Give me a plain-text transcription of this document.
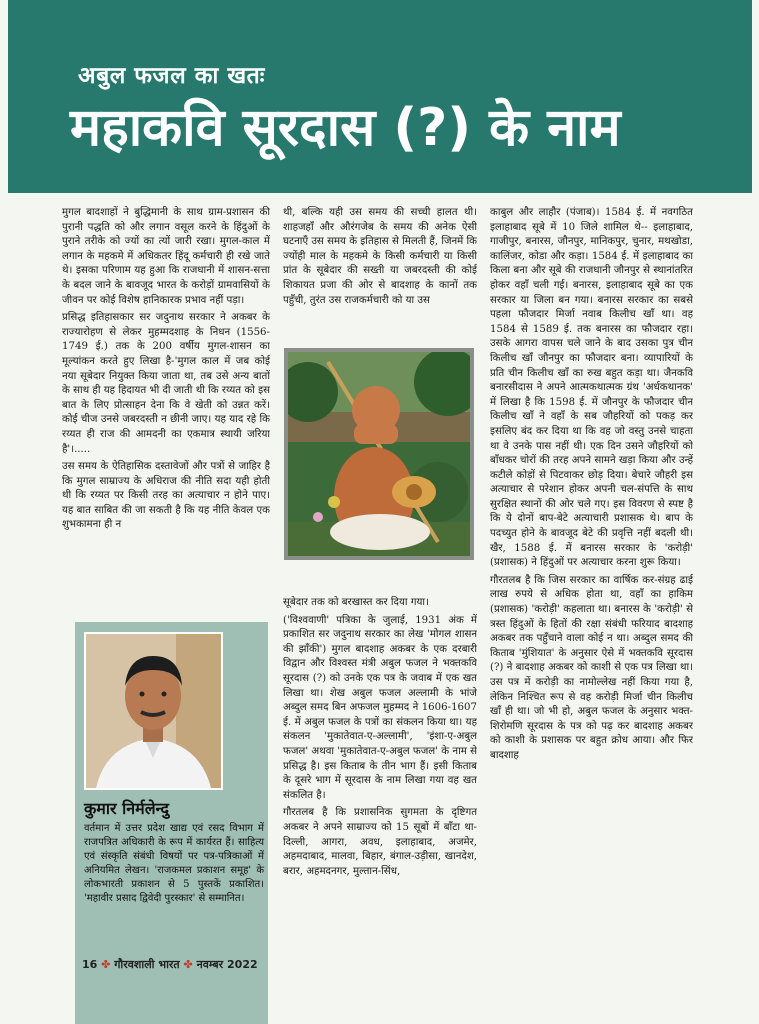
अबुल फजल का खतः
महाकवि सूरदास (?) के नाम

मुगल बादशाहों ने बुद्धिमानी के साथ ग्राम-प्रशासन की पुरानी पद्धति को और लगान वसूल करने के हिंदुओं के पुराने तरीके को ज्यों का त्यों जारी रखा। मुगल-काल में लगान के महकमे में अधिकतर हिंदू कर्मचारी ही रखे जाते थे। इसका परिणाम यह हुआ कि राजधानी में शासन-सत्ता के बदल जाने के बावजूद भारत के करोड़ों ग्रामवासियों के जीवन पर कोई विशेष हानिकारक प्रभाव नहीं पड़ा।

प्रसिद्ध इतिहासकार सर जदुनाथ सरकार ने अकबर के राज्यारोहण से लेकर मुहम्मदशाह के निधन (1556-1749 ई.) तक के 200 वर्षीय मुगल-शासन का मूल्यांकन करते हुए लिखा है-'मुगल काल में जब कोई नया सूबेदार नियुक्त किया जाता था, तब उसे अन्य बातों के साथ ही यह हिदायत भी दी जाती थी कि रय्यत को इस बात के लिए प्रोत्साहन देना कि वे खेती को उन्नत करें। कोई चीज उनसे जबरदस्ती न छीनी जाए। यह याद रहे कि रय्यत ही राज की आमदनी का एकमात्र स्थायी जरिया है'।.....

उस समय के ऐतिहासिक दस्तावेजों और पत्रों से जाहिर है कि मुगल साम्राज्य के अधिराज की नीति सदा यही होती थी कि रय्यत पर किसी तरह का अत्याचार न होने पाए। यह बात साबित की जा सकती है कि यह नीति केवल एक शुभकामना ही न

थी, बल्कि यही उस समय की सच्ची हालत थी। शाहजहाँ और औरंगजेब के समय की अनेक ऐसी घटनाएँ उस समय के इतिहास से मिलती हैं, जिनमें कि ज्योंही माल के महकमे के किसी कर्मचारी या किसी प्रांत के सूबेदार की सख्ती या जबरदस्ती की कोई शिकायत प्रजा की ओर से बादशाह के कानों तक पहुँची, तुरंत उस राजकर्मचारी को या उस

सूबेदार तक को बरखास्त कर दिया गया।

('विश्ववाणी' पत्रिका के जुलाई, 1931 अंक में प्रकाशित सर जदुनाथ सरकार का लेख 'मोगल शासन की झाँकी') मुगल बादशाह अकबर के एक दरबारी विद्वान और विश्वस्त मंत्री अबुल फजल ने भक्तकवि सूरदास (?) को उनके एक पत्र के जवाब में एक खत लिखा था। शेख अबुल फजल अल्लामी के भांजे अब्दुल समद बिन अफजल मुहम्मद ने 1606-1607 ई. में अबुल फजल के पत्रों का संकलन किया था। यह संकलन 'मुकातेवात-ए-अल्लामी', 'इंशा-ए-अबुल फजल' अथवा 'मुकातेवात-ए-अबुल फजल' के नाम से प्रसिद्ध है। इस किताब के तीन भाग हैं। इसी किताब के दूसरे भाग में सूरदास के नाम लिखा गया वह खत संकलित है।

गौरतलब है कि प्रशासनिक सुगमता के दृष्टिगत अकबर ने अपने साम्राज्य को 15 सूबों में बाँटा था- दिल्ली, आगरा, अवध, इलाहाबाद, अजमेर, अहमदाबाद, मालवा, बिहार, बंगाल-उड़ीसा, खानदेश, बरार, अहमदनगर, मुल्तान-सिंध,

काबुल और लाहौर (पंजाब)। 1584 ई. में नवगठित इलाहाबाद सूबे में 10 जिले शामिल थे-- इलाहाबाद, गाजीपुर, बनारस, जौनपुर, मानिकपुर, चुनार, मथखोडा, कालिंजर, कोडा और कड़ा। 1584 ई. में इलाहाबाद का किला बना और सूबे की राजधानी जौनपुर से स्थानांतरित होकर वहाँ चली गई। बनारस, इलाहाबाद सूबे का एक सरकार या जिला बन गया। बनारस सरकार का सबसे पहला फौजदार मिर्जा नवाब किलीच खाँ था। वह 1584 से 1589 ई. तक बनारस का फौजदार रहा। उसके आगरा वापस चले जाने के बाद उसका पुत्र चीन किलीच खाँ जौनपुर का फौजदार बना। व्यापारियों के प्रति चीन किलीच खाँ का रुख बहुत कड़ा था। जैनकवि बनारसीदास ने अपने आत्मकथात्मक ग्रंथ 'अर्धकथानक' में लिखा है कि 1598 ई. में जौनपुर के फौजदार चीन किलीच खाँ ने वहाँ के सब जौहरियों को पकड़ कर इसलिए बंद कर दिया था कि वह जो वस्तु उनसे चाहता था वे उनके पास नहीं थी। एक दिन उसने जौहरियों को बाँधकर चोरों की तरह अपने सामने खड़ा किया और उन्हें कटीले कोड़ों से पिटवाकर छोड़ दिया। बेचारे जौहरी इस अत्याचार से परेशान होकर अपनी चल-संपत्ति के साथ सुरक्षित स्थानों की ओर चले गए। इस विवरण से स्पष्ट है कि ये दोनों बाप-बेटे अत्याचारी प्रशासक थे। बाप के पदच्युत होने के बावजूद बेटे की प्रवृत्ति नहीं बदली थी। खैर, 1588 ई. में बनारस सरकार के 'करोड़ी' (प्रशासक) ने हिंदुओं पर अत्याचार करना शुरू किया।

गौरतलब है कि जिस सरकार का वार्षिक कर-संग्रह ढाई लाख रुपये से अधिक होता था, वहाँ का हाकिम (प्रशासक) 'करोड़ी' कहलाता था। बनारस के 'करोड़ी' से त्रस्त हिंदुओं के हितों की रक्षा संबंधी फरियाद बादशाह अकबर तक पहुँचाने वाला कोई न था। अब्दुल समद की किताब 'मुंशियात' के अनुसार ऐसे में भक्तकवि सूरदास (?) ने बादशाह अकबर को काशी से एक पत्र लिखा था। उस पत्र में करोड़ी का नामोल्लेख नहीं किया गया है, लेकिन निश्चित रूप से वह करोड़ी मिर्जा चीन किलीच खाँ ही था। जो भी हो, अबुल फजल के अनुसार भक्त-शिरोमणि सूरदास के पत्र को पढ़ कर बादशाह अकबर को काशी के प्रशासक पर बहुत क्रोध आया। और फिर बादशाह

कुमार निर्मलेन्दु
वर्तमान में उत्तर प्रदेश खाद्य एवं रसद विभाग में राजपत्रित अधिकारी के रूप में कार्यरत हैं। साहित्य एवं संस्कृति संबंधी विषयों पर पत्र-पत्रिकाओं में अनियमित लेखन। 'राजकमल प्रकाशन समूह' के लोकभारती प्रकाशन से 5 पुस्तकें प्रकाशित। 'महावीर प्रसाद द्विवेदी पुरस्कार' से सम्मानित।
16 ✤ गौरवशाली भारत ✤ नवम्बर 2022
